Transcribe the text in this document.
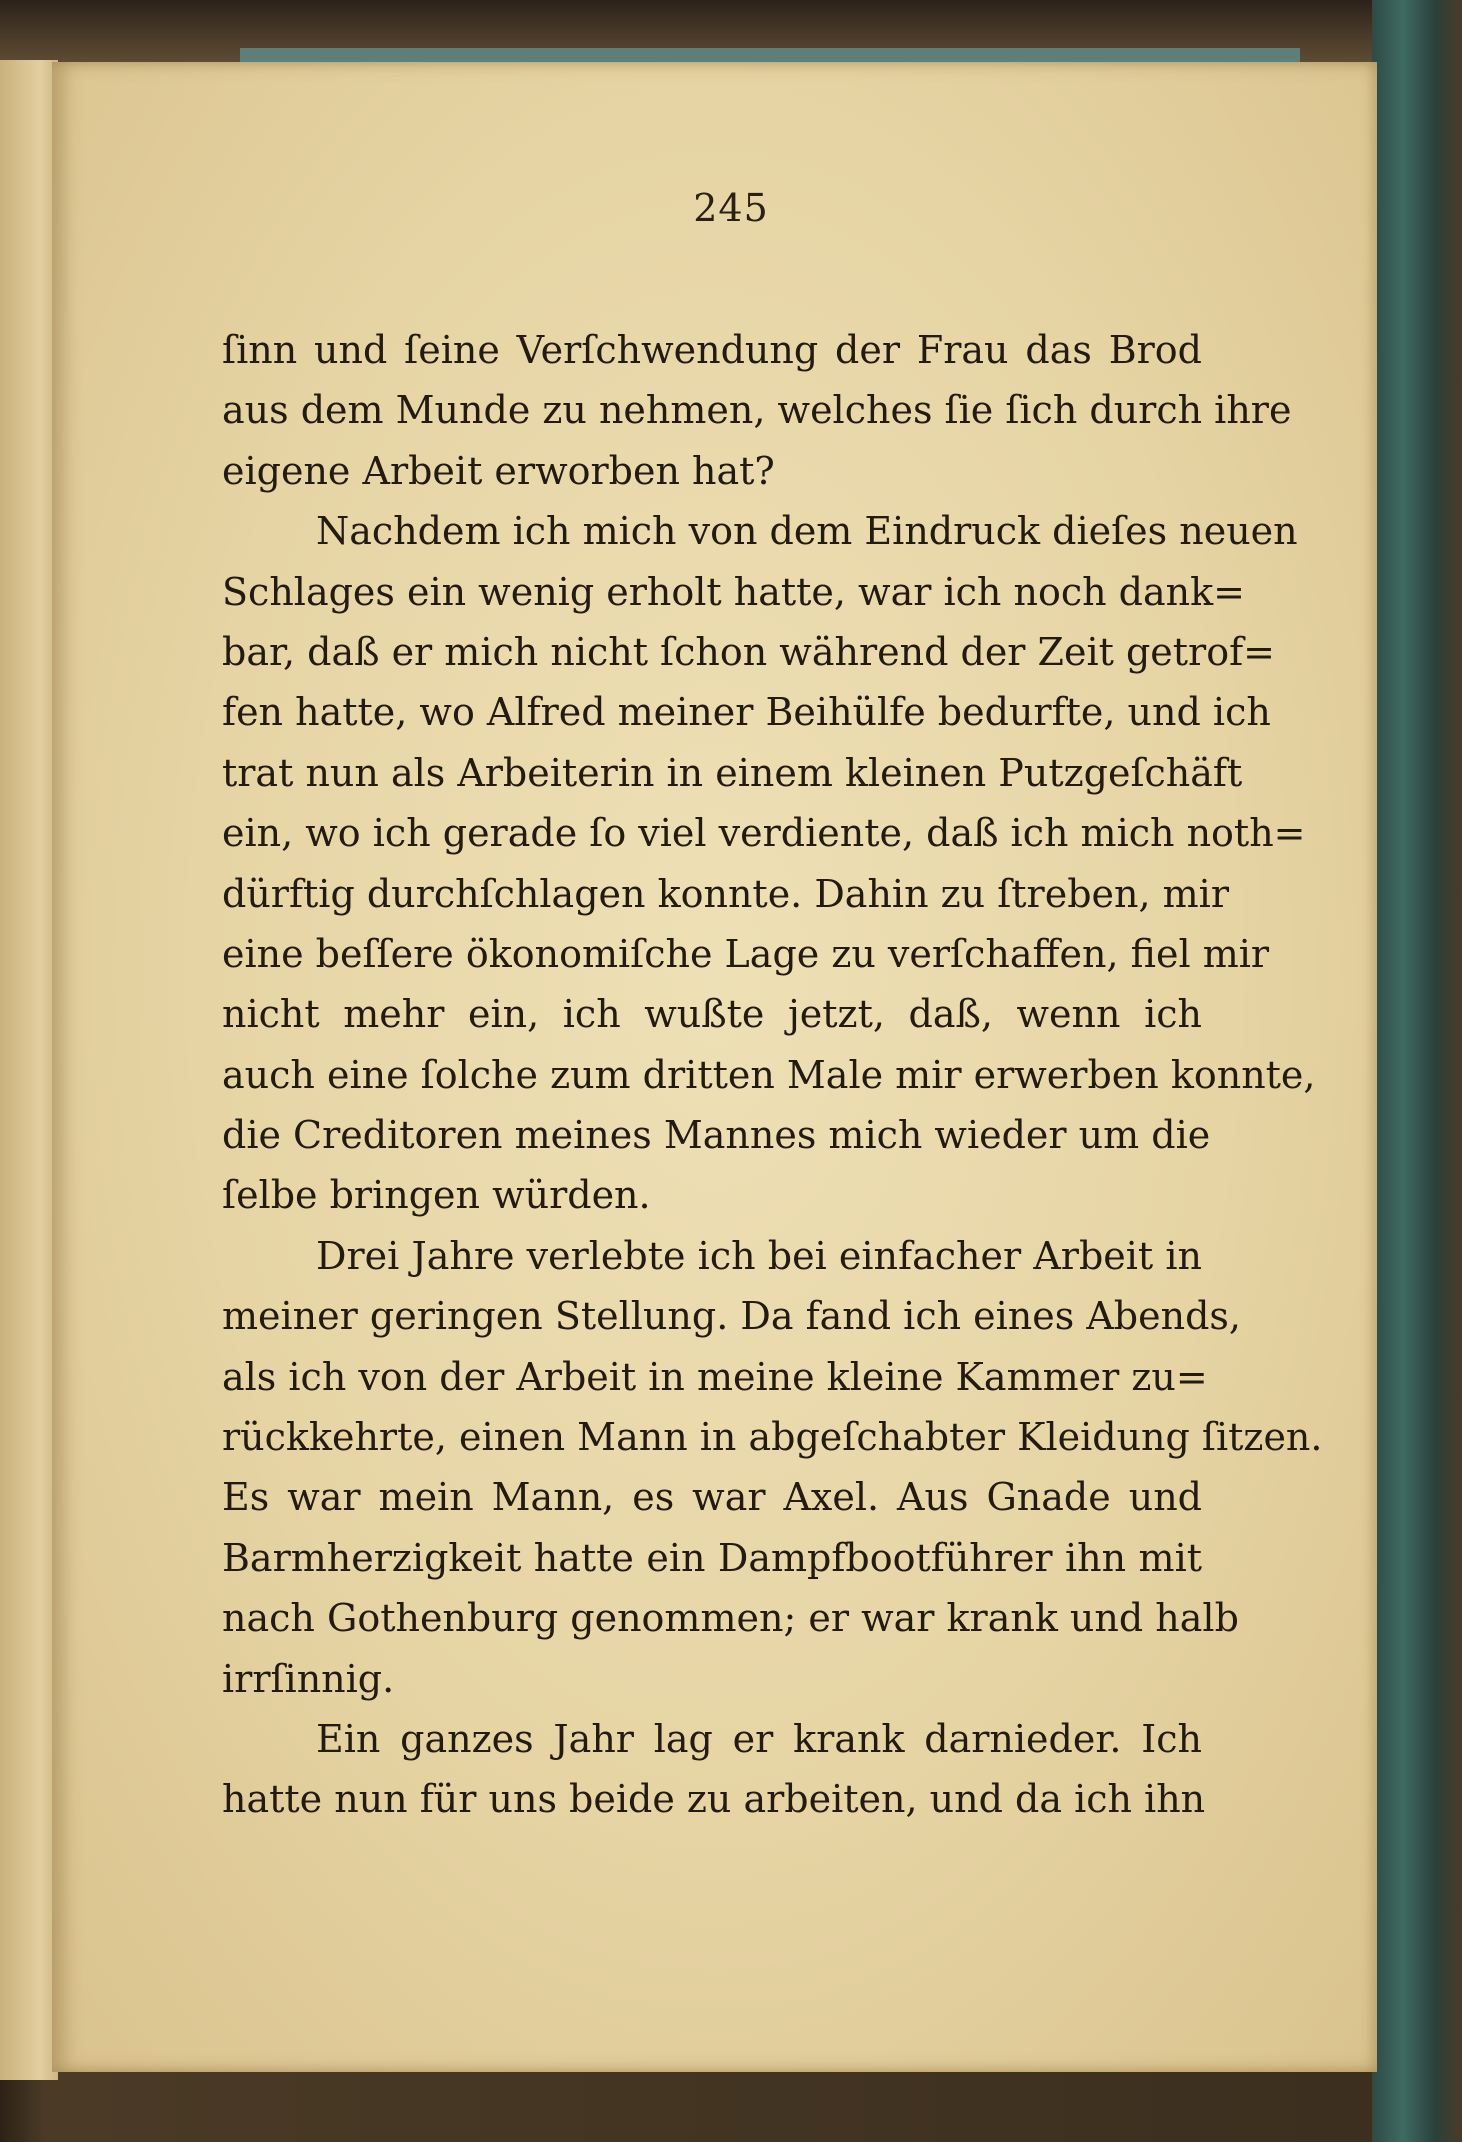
245
ſinn und ſeine Verſchwendung der Frau das Brod
aus dem Munde zu nehmen, welches ſie ſich durch ihre
eigene Arbeit erworben hat?
Nachdem ich mich von dem Eindruck dieſes neuen
Schlages ein wenig erholt hatte, war ich noch dank=
bar, daß er mich nicht ſchon während der Zeit getrof=
fen hatte, wo Alfred meiner Beihülfe bedurfte, und ich
trat nun als Arbeiterin in einem kleinen Putzgeſchäft
ein, wo ich gerade ſo viel verdiente, daß ich mich noth=
dürftig durchſchlagen konnte. Dahin zu ſtreben, mir
eine beſſere ökonomiſche Lage zu verſchaffen, fiel mir
nicht mehr ein, ich wußte jetzt, daß, wenn ich
auch eine ſolche zum dritten Male mir erwerben konnte,
die Creditoren meines Mannes mich wieder um die
ſelbe bringen würden.
Drei Jahre verlebte ich bei einfacher Arbeit in
meiner geringen Stellung. Da fand ich eines Abends,
als ich von der Arbeit in meine kleine Kammer zu=
rückkehrte, einen Mann in abgeſchabter Kleidung ſitzen.
Es war mein Mann, es war Axel. Aus Gnade und
Barmherzigkeit hatte ein Dampfbootführer ihn mit
nach Gothenburg genommen; er war krank und halb
irrſinnig.
Ein ganzes Jahr lag er krank darnieder. Ich
hatte nun für uns beide zu arbeiten, und da ich ihn
